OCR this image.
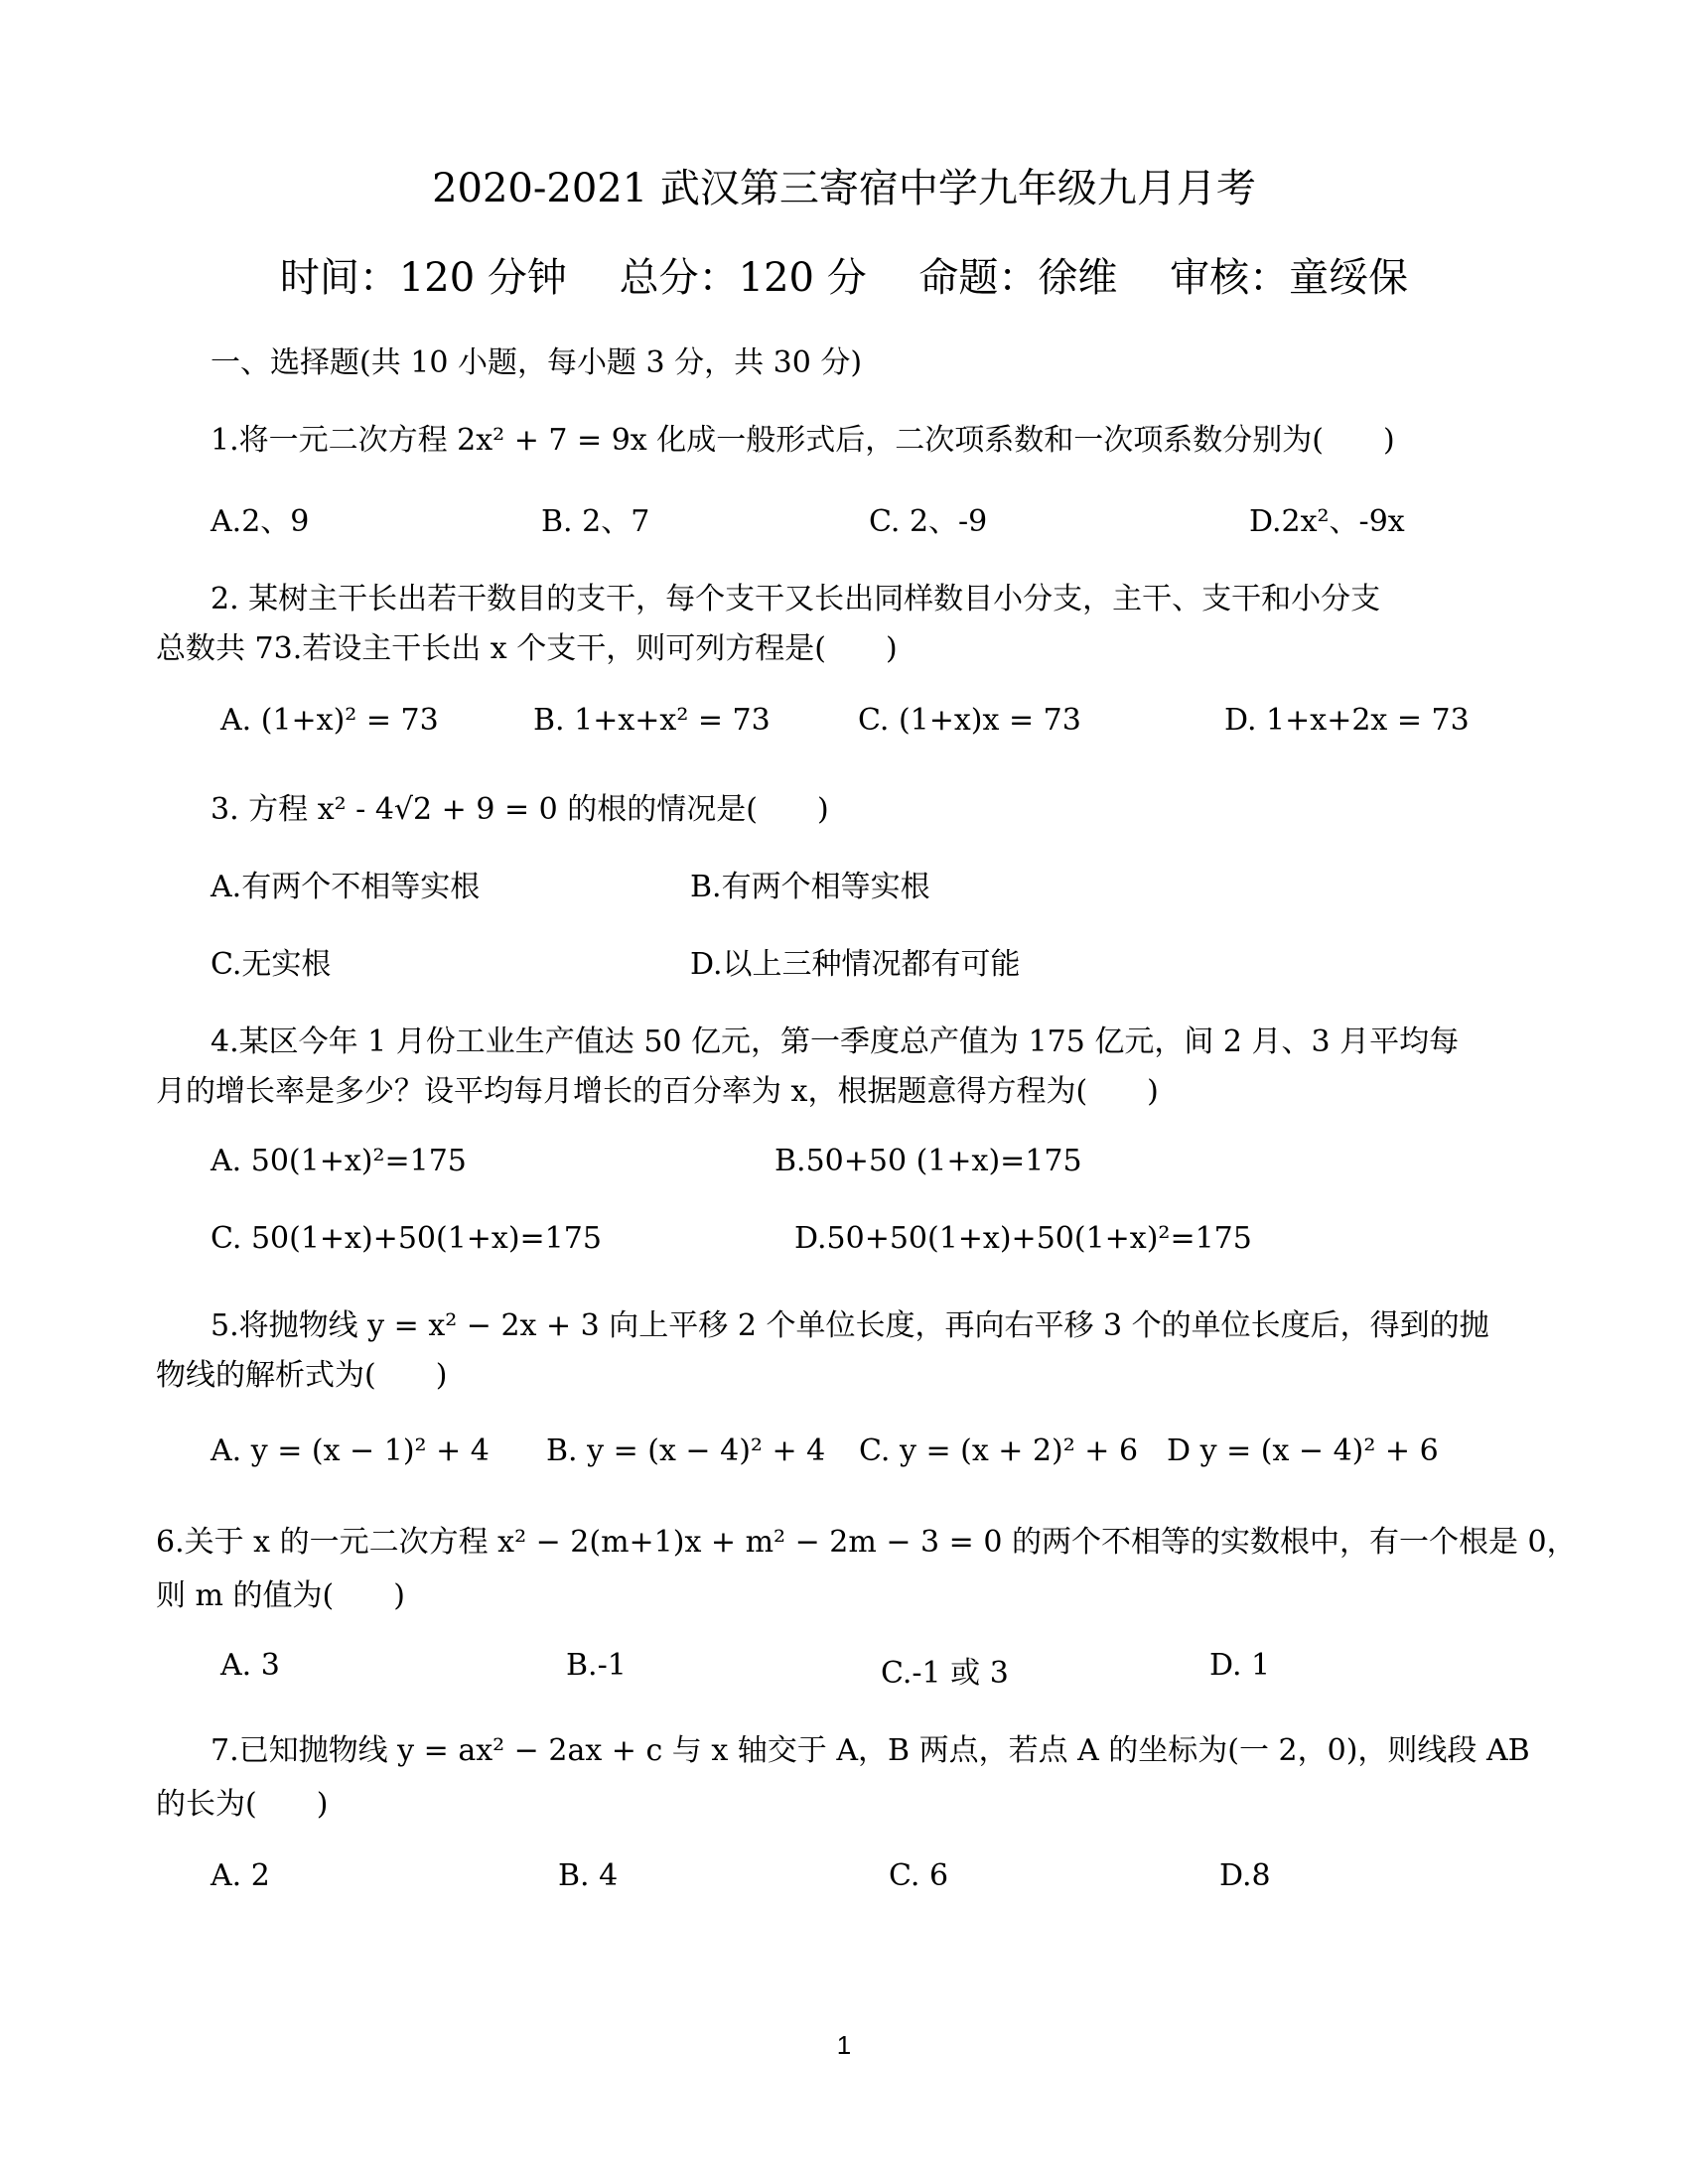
2020-2021 武汉第三寄宿中学九年级九月月考
时间：120 分钟　 总分：120 分　 命题：徐维　 审核：童绥保
一、选择题(共 10 小题，每小题 3 分，共 30 分)
1.将一元二次方程 2x² + 7 = 9x 化成一般形式后，二次项系数和一次项系数分别为(　　)
A.2、9	B. 2、7	C. 2、-9	D.2x²、-9x
2. 某树主干长出若干数目的支干，每个支干又长出同样数目小分支，主干、支干和小分支
总数共 73.若设主干长出 x 个支干，则可列方程是(　　)
A. (1+x)² = 73	B. 1+x+x² = 73	C. (1+x)x = 73	D. 1+x+2x = 73
3. 方程 x² - 4√2 + 9 = 0 的根的情况是(　　)
A.有两个不相等实根	B.有两个相等实根
C.无实根	D.以上三种情况都有可能
4.某区今年 1 月份工业生产值达 50 亿元，第一季度总产值为 175 亿元，间 2 月、3 月平均每
月的增长率是多少？设平均每月增长的百分率为 x，根据题意得方程为(　　)
A. 50(1+x)²=175	B.50+50 (1+x)=175
C. 50(1+x)+50(1+x)=175	D.50+50(1+x)+50(1+x)²=175
5.将抛物线 y = x² − 2x + 3 向上平移 2 个单位长度，再向右平移 3 个的单位长度后，得到的抛
物线的解析式为(　　)
A. y = (x − 1)² + 4 B. y = (x − 4)² + 4 C. y = (x + 2)² + 6 D y = (x − 4)² + 6
6.关于 x 的一元二次方程 x² − 2(m+1)x + m² − 2m − 3 = 0 的两个不相等的实数根中，有一个根是 0，
则 m 的值为(　　)
A. 3	B.-1	C.-1 或 3	D. 1
7.已知抛物线 y = ax² − 2ax + c 与 x 轴交于 A，B 两点，若点 A 的坐标为(一 2，0)，则线段 AB
的长为(　　)
A. 2	B. 4	C. 6	D.8
1
